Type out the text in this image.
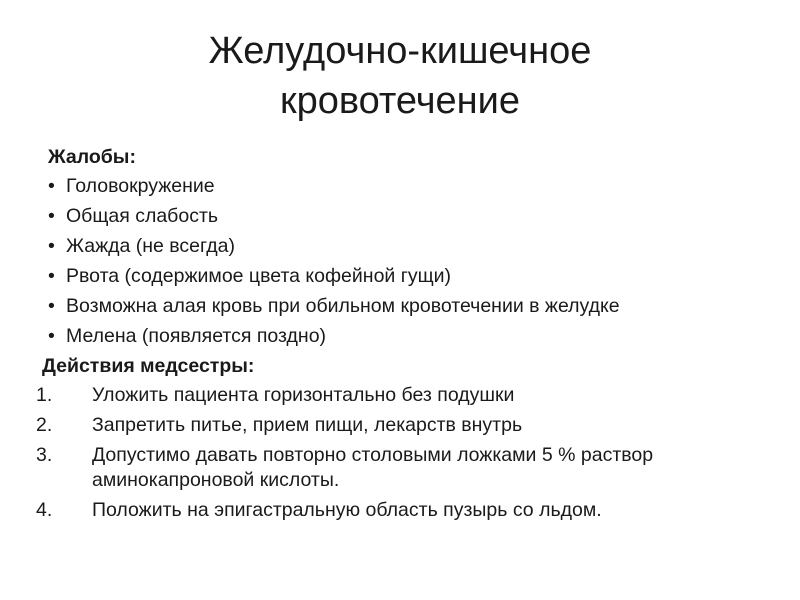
Желудочно-кишечное
кровотечение
Жалобы:
• Головокружение
• Общая слабость
• Жажда (не всегда)
• Рвота (содержимое цвета кофейной гущи)
• Возможна алая кровь при обильном кровотечении в желудке
• Мелена (появляется поздно)
Действия медсестры:
1. Уложить пациента горизонтально без подушки
2. Запретить питье, прием пищи, лекарств внутрь
3. Допустимо давать повторно столовыми ложками 5 % раствор аминокапроновой кислоты.
4. Положить на эпигастральную область пузырь со льдом.
